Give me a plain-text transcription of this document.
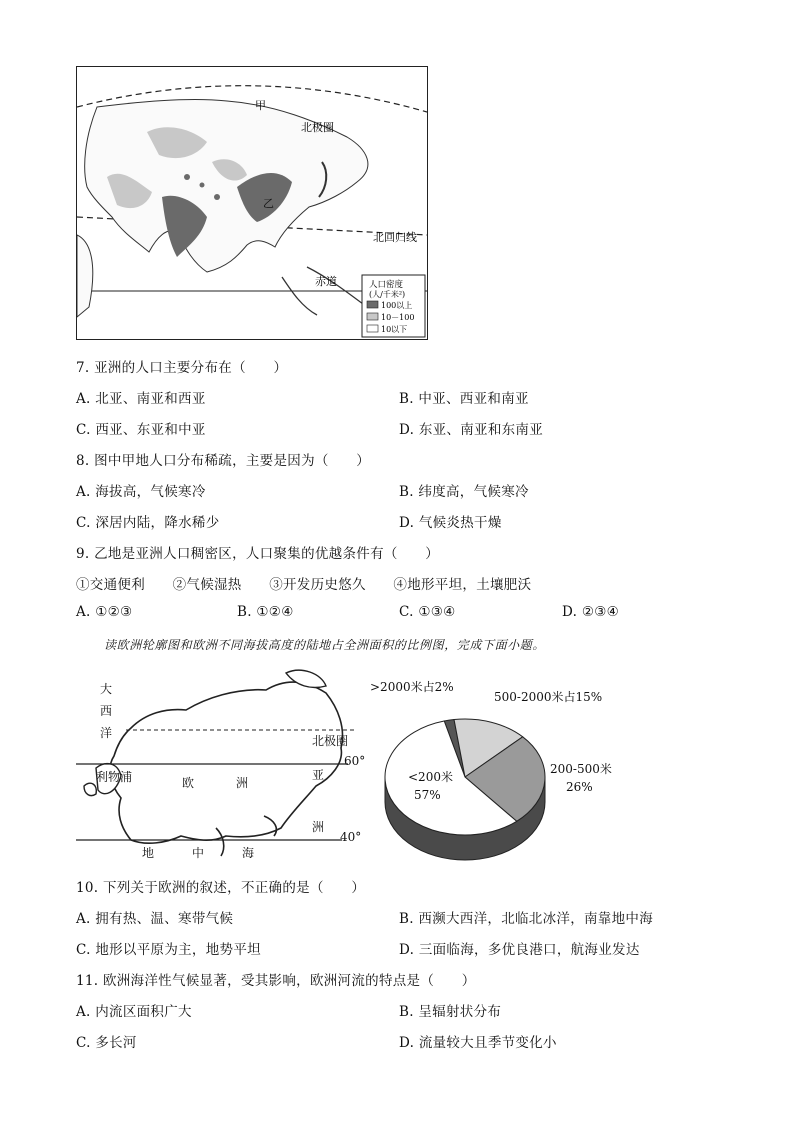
乙
甲
北极圈
北回归线
赤道	人口密度
(人/千米²)
100以上
10－100
10以下
7. 亚洲的人口主要分布在（　　）
A. 北亚、南亚和西亚	B. 中亚、西亚和南亚
C. 西亚、东亚和中亚	D. 东亚、南亚和东南亚
8. 图中甲地人口分布稀疏，主要是因为（　　）
A. 海拔高，气候寒冷	B. 纬度高，气候寒冷
C. 深居内陆，降水稀少	D. 气候炎热干燥
9. 乙地是亚洲人口稠密区，人口聚集的优越条件有（　　）
①交通便利　　②气候湿热　　③开发历史悠久　　④地形平坦，土壤肥沃
A. ①②③	B. ①②④	C. ①③④	D. ②③④
读欧洲轮廓图和欧洲不同海拔高度的陆地占全洲面积的比例图，完成下面小题。
大
西
洋
北极圈
60°
40°
利物浦	欧	洲
亚
洲
地	中	海
>2000米占2%
500-2000米占15%
200-500米
26%
<200米
57%
10. 下列关于欧洲的叙述，不正确的是（　　）
A. 拥有热、温、寒带气候	B. 西濒大西洋，北临北冰洋，南靠地中海
C. 地形以平原为主，地势平坦	D. 三面临海，多优良港口，航海业发达
11. 欧洲海洋性气候显著，受其影响，欧洲河流的特点是（　　）
A. 内流区面积广大	B. 呈辐射状分布
C. 多长河	D. 流量较大且季节变化小
